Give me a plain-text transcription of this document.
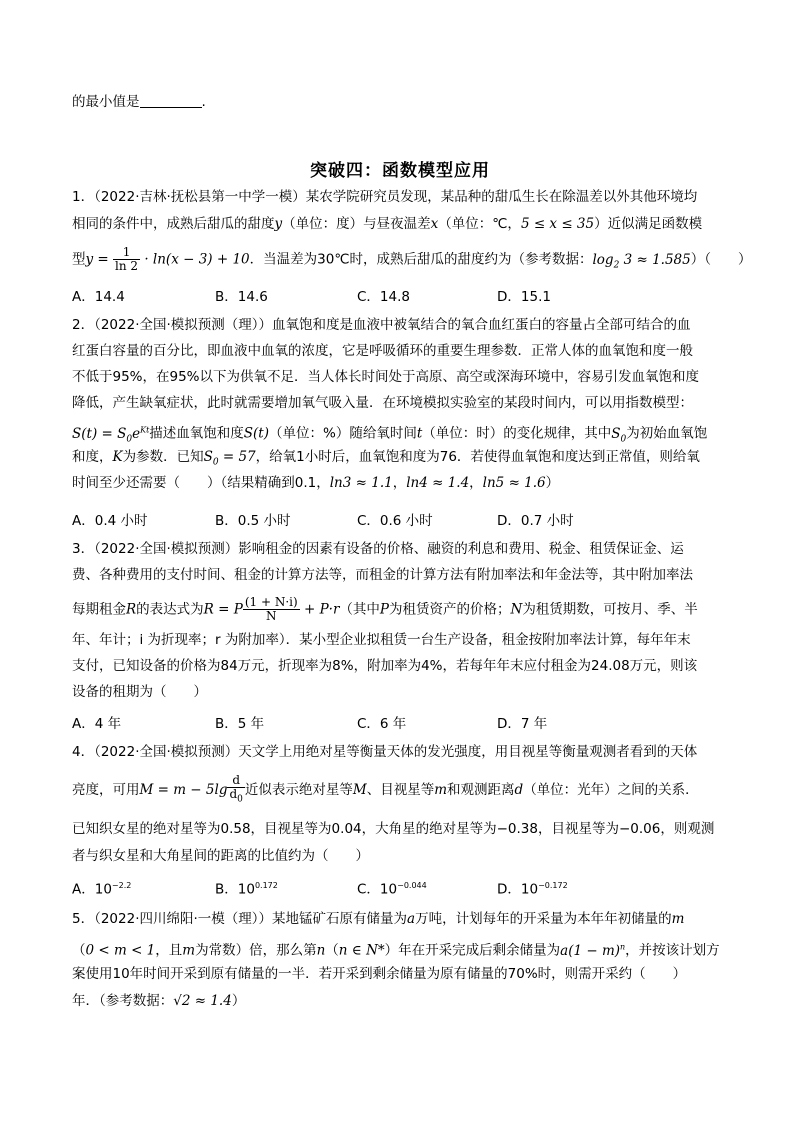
的最小值是	.
突破四：函数模型应用
1．（2022·吉林·抚松县第一中学一模）某农学院研究员发现，某品种的甜瓜生长在除温差以外其他环境均
相同的条件中，成熟后甜瓜的甜度y（单位：度）与昼夜温差x（单位：℃，5 ≤ x ≤ 35）近似满足函数模
型$y = \frac{1}{\ln 2} \cdot \ln(x - 3) + 10$．当温差为30℃时，成熟后甜瓜的甜度约为（参考数据：$\log_2 3 \approx 1.585$）（　　）
A．14.4	B．14.6	C．14.8	D．15.1
2．（2022·全国·模拟预测（理））血氧饱和度是血液中被氧结合的氧合血红蛋白的容量占全部可结合的血
红蛋白容量的百分比，即血液中血氧的浓度，它是呼吸循环的重要生理参数．正常人体的血氧饱和度一般
不低于95%，在95%以下为供氧不足．当人体长时间处于高原、高空或深海环境中，容易引发血氧饱和度
降低，产生缺氧症状，此时就需要增加氧气吸入量．在环境模拟实验室的某段时间内，可以用指数模型：
$S(t) = S_0e^{Kt}$描述血氧饱和度S(t)（单位：%）随给氧时间t（单位：时）的变化规律，其中$S_0$为初始血氧饱
和度，K为参数．已知$S_0 = 57$，给氧1小时后，血氧饱和度为76．若使得血氧饱和度达到正常值，则给氧
时间至少还需要（　　）（结果精确到0.1，ln3 ≈ 1.1，ln4 ≈ 1.4，ln5 ≈ 1.6）
A．0.4 小时	B．0.5 小时	C．0.6 小时	D．0.7 小时
3．（2022·全国·模拟预测）影响租金的因素有设备的价格、融资的利息和费用、税金、租赁保证金、运
费、各种费用的支付时间、租金的计算方法等，而租金的计算方法有附加率法和年金法等，其中附加率法
每期租金R的表达式为R = P $\frac{(1 + N\cdot i)}{N} + P\cdot r$（其中P为租赁资产的价格；N为租赁期数，可按月、季、半
年、年计；i 为折现率；r 为附加率）．某小型企业拟租赁一台生产设备，租金按附加率法计算，每年年末
支付，已知设备的价格为84万元，折现率为8%，附加率为4%，若每年年末应付租金为24.08万元，则该
设备的租期为（　　）
A．4 年	B．5 年	C．6 年	D．7 年
4．（2022·全国·模拟预测）天文学上用绝对星等衡量天体的发光强度，用目视星等衡量观测者看到的天体
亮度，可用$M = m - 5\lg \frac{d}{d_0}$ 近似表示绝对星等M、目视星等m和观测距离d（单位：光年）之间的关系．
已知织女星的绝对星等为0.58，目视星等为0.04，大角星的绝对星等为−0.38，目视星等为−0.06，则观测
者与织女星和大角星间的距离的比值约为（　　）
A．$10^{-2.2}$	B．$10^{0.172}$	C．$10^{-0.044}$	D．$10^{-0.172}$
5．（2022·四川绵阳·一模（理））某地锰矿石原有储量为a万吨，计划每年的开采量为本年年初储量的m
（0 < m < 1，且m为常数）倍，那么第n（n ∈ N*）年在开采完成后剩余储量为$a(1 - m)^n$，并按该计划方
案使用10年时间开采到原有储量的一半．若开采到剩余储量为原有储量的70%时，则需开采约（　　）
年．（参考数据：√2 ≈ 1.4）
